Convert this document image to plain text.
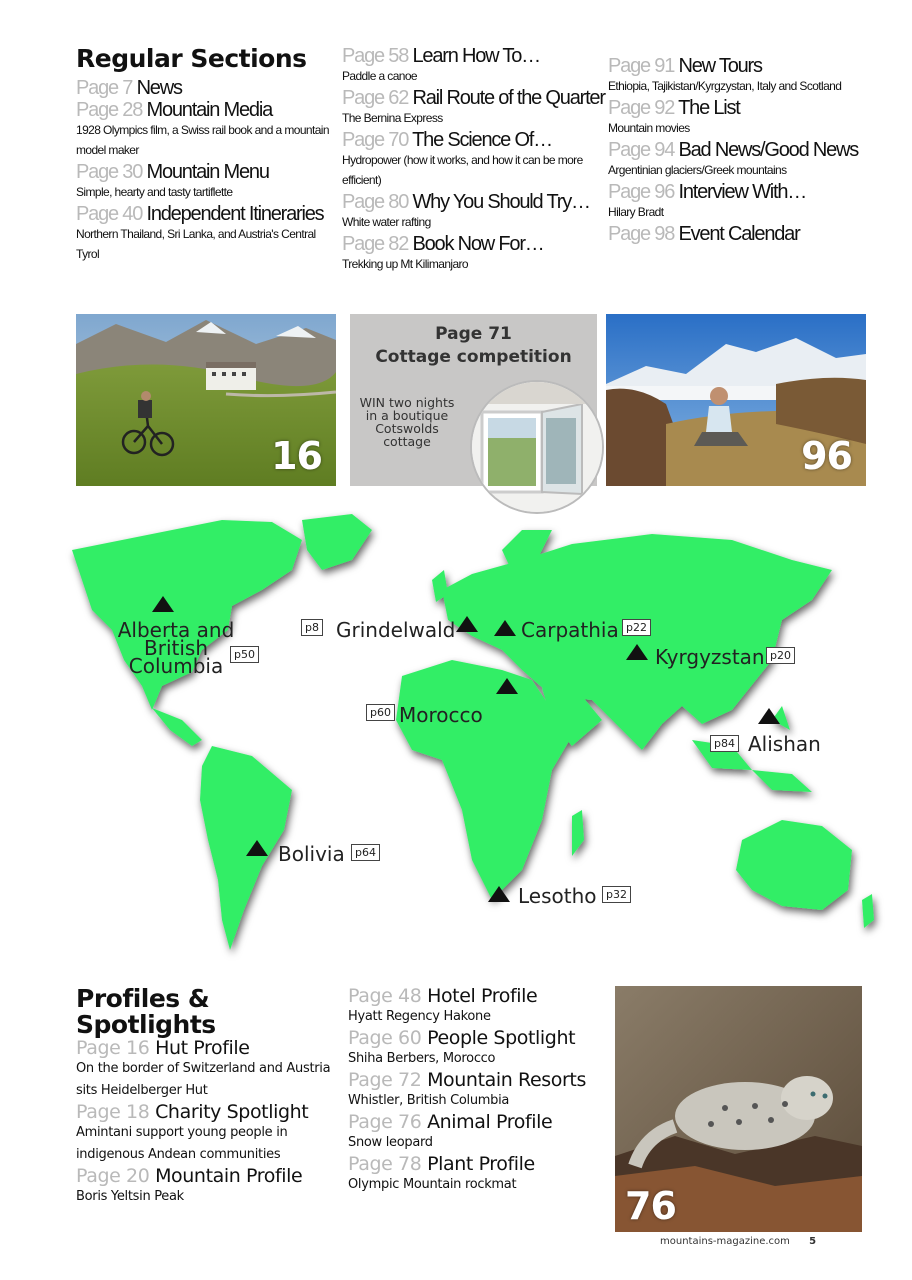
Regular Sections
Page 7 News
Page 28 Mountain Media
1928 Olympics film, a Swiss rail book and a mountain model maker
Page 30 Mountain Menu
Simple, hearty and tasty tartiflette
Page 40 Independent Itineraries
Northern Thailand, Sri Lanka, and Austria's Central Tyrol
Page 58 Learn How To…
Paddle a canoe
Page 62 Rail Route of the Quarter
The Bernina Express
Page 70 The Science Of…
Hydropower (how it works, and how it can be more efficient)
Page 80 Why You Should Try…
White water rafting
Page 82 Book Now For…
Trekking up Mt Kilimanjaro
Page 91 New Tours
Ethiopia, Tajikistan/Kyrgzystan, Italy and Scotland
Page 92 The List
Mountain movies
Page 94 Bad News/Good News
Argentinian glaciers/Greek mountains
Page 96 Interview With…
Hilary Bradt
Page 98 Event Calendar
16
Page 71
Cottage competition
WIN two nights in a boutique Cotswolds cottage	96
Alberta and British Columbia p50
p8 Grindelwald	Carpathia p22
Kyrgyzstan p20
p60 Morocco
p84 Alishan
Bolivia p64
Lesotho p32
Profiles &
Spotlights
Page 16 Hut Profile
On the border of Switzerland and Austria sits Heidelberger Hut
Page 18 Charity Spotlight
Amintani support young people in indigenous Andean communities
Page 20 Mountain Profile
Boris Yeltsin Peak
Page 48 Hotel Profile
Hyatt Regency Hakone
Page 60 People Spotlight
Shiha Berbers, Morocco
Page 72 Mountain Resorts
Whistler, British Columbia
Page 76 Animal Profile
Snow leopard
Page 78 Plant Profile
Olympic Mountain rockmat	76
mountains-magazine.com 5
